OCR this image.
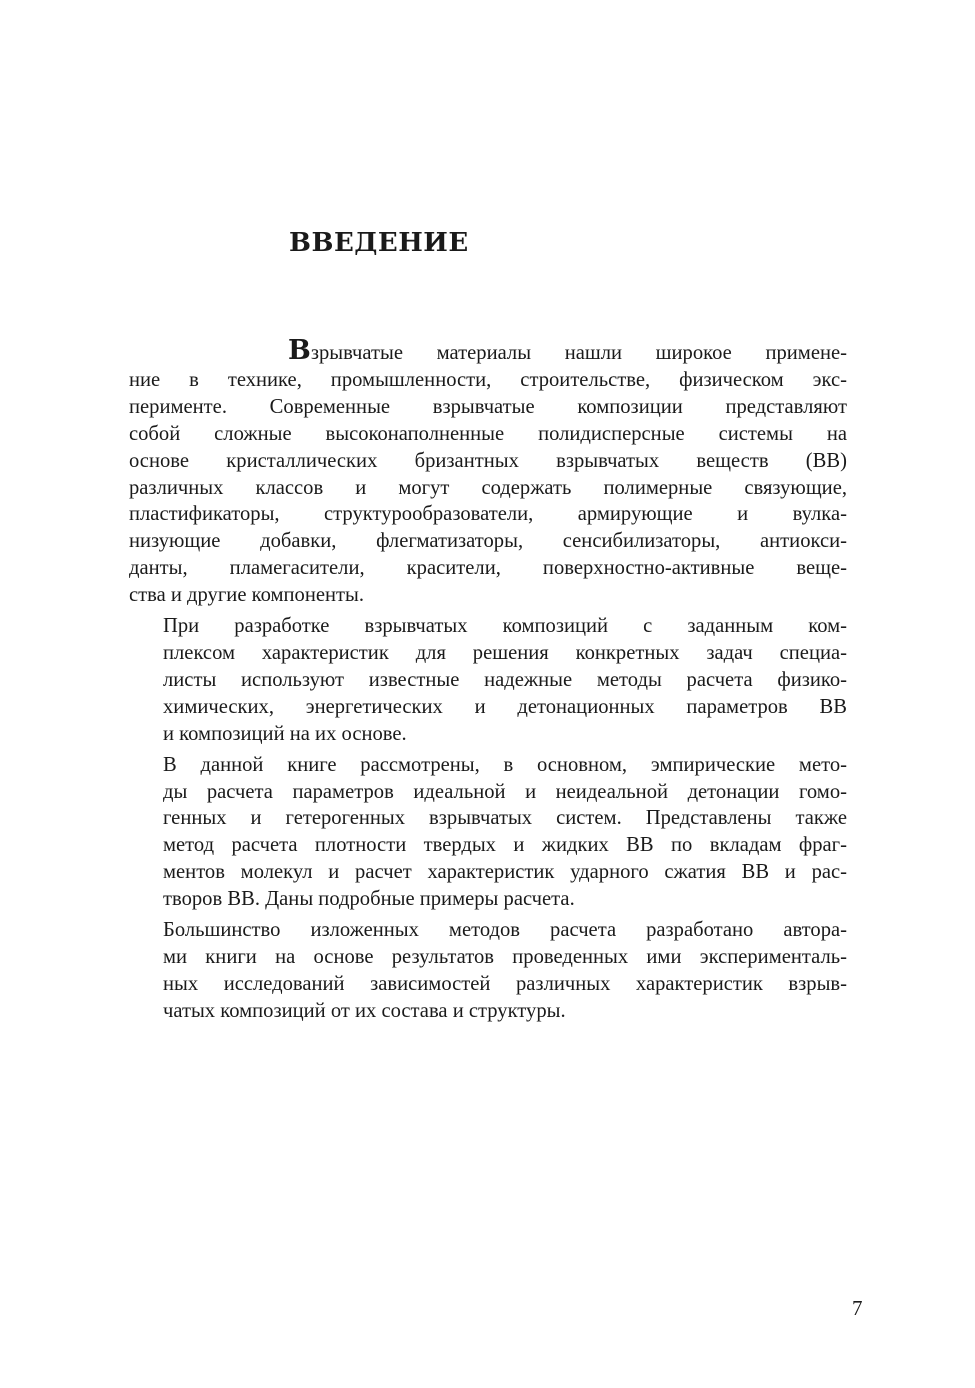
ВВЕДЕНИЕ

Взрывчатые материалы нашли широкое примене-
ние в технике, промышленности, строительстве, физическом экс-
перименте. Современные взрывчатые композиции представляют
собой сложные высоконаполненные полидисперсные системы на
основе кристаллических бризантных взрывчатых веществ (ВВ)
различных классов и могут содержать полимерные связующие,
пластификаторы, структурообразователи, армирующие и вулка-
низующие добавки, флегматизаторы, сенсибилизаторы, антиокси-
данты, пламегасители, красители, поверхностно-активные веще-
ства и другие компоненты.

При разработке взрывчатых композиций с заданным ком-
плексом характеристик для решения конкретных задач специа-
листы используют известные надежные методы расчета физико-
химических, энергетических и детонационных параметров ВВ
и композиций на их основе.

В данной книге рассмотрены, в основном, эмпирические мето-
ды расчета параметров идеальной и неидеальной детонации гомо-
генных и гетерогенных взрывчатых систем. Представлены также
метод расчета плотности твердых и жидких ВВ по вкладам фраг-
ментов молекул и расчет характеристик ударного сжатия ВВ и рас-
творов ВВ. Даны подробные примеры расчета.

Большинство изложенных методов расчета разработано автора-
ми книги на основе результатов проведенных ими эксперименталь-
ных исследований зависимостей различных характеристик взрыв-
чатых композиций от их состава и структуры.

7
